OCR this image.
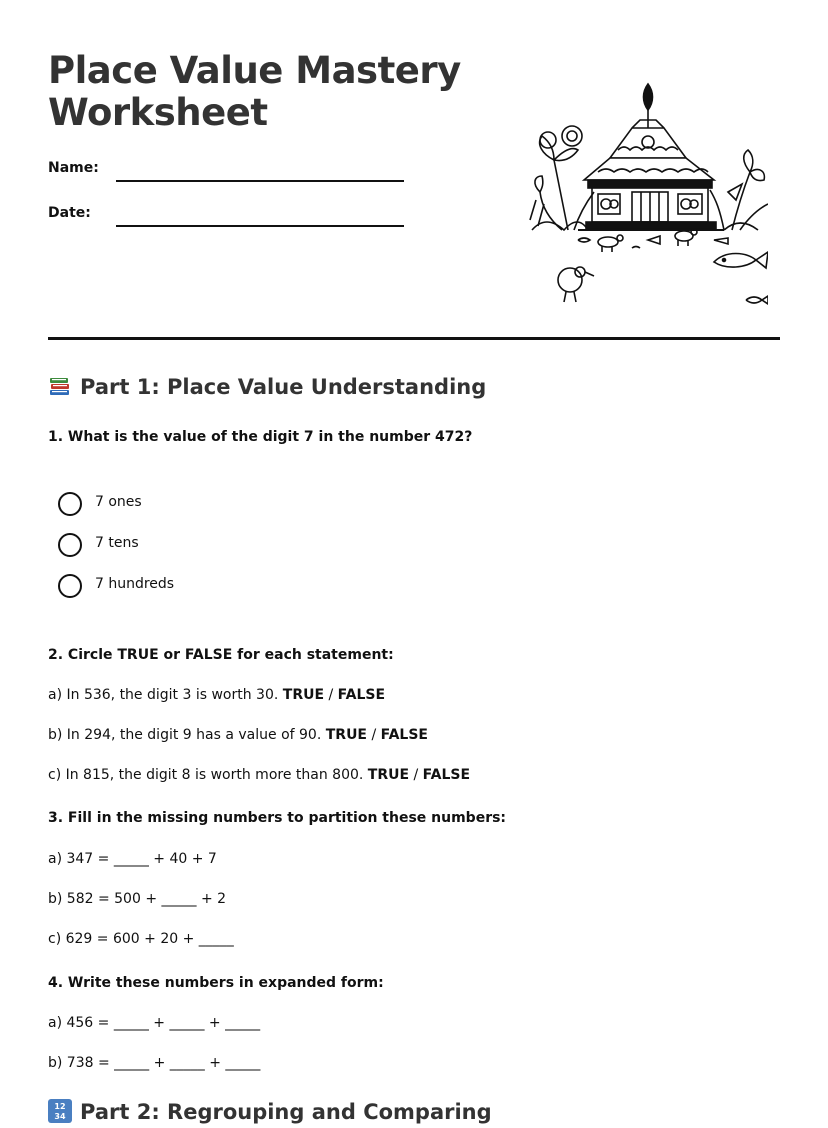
Place Value Mastery Worksheet
Name:
Date:
Part 1: Place Value Understanding
1. What is the value of the digit 7 in the number 472?
7 ones
7 tens
7 hundreds
2. Circle TRUE or FALSE for each statement:
a) In 536, the digit 3 is worth 30. TRUE / FALSE
b) In 294, the digit 9 has a value of 90. TRUE / FALSE
c) In 815, the digit 8 is worth more than 800. TRUE / FALSE
3. Fill in the missing numbers to partition these numbers:
a) 347 = _____ + 40 + 7
b) 582 = 500 + _____ + 2
c) 629 = 600 + 20 + _____
4. Write these numbers in expanded form:
a) 456 = _____ + _____ + _____
b) 738 = _____ + _____ + _____
12
34 Part 2: Regrouping and Comparing
